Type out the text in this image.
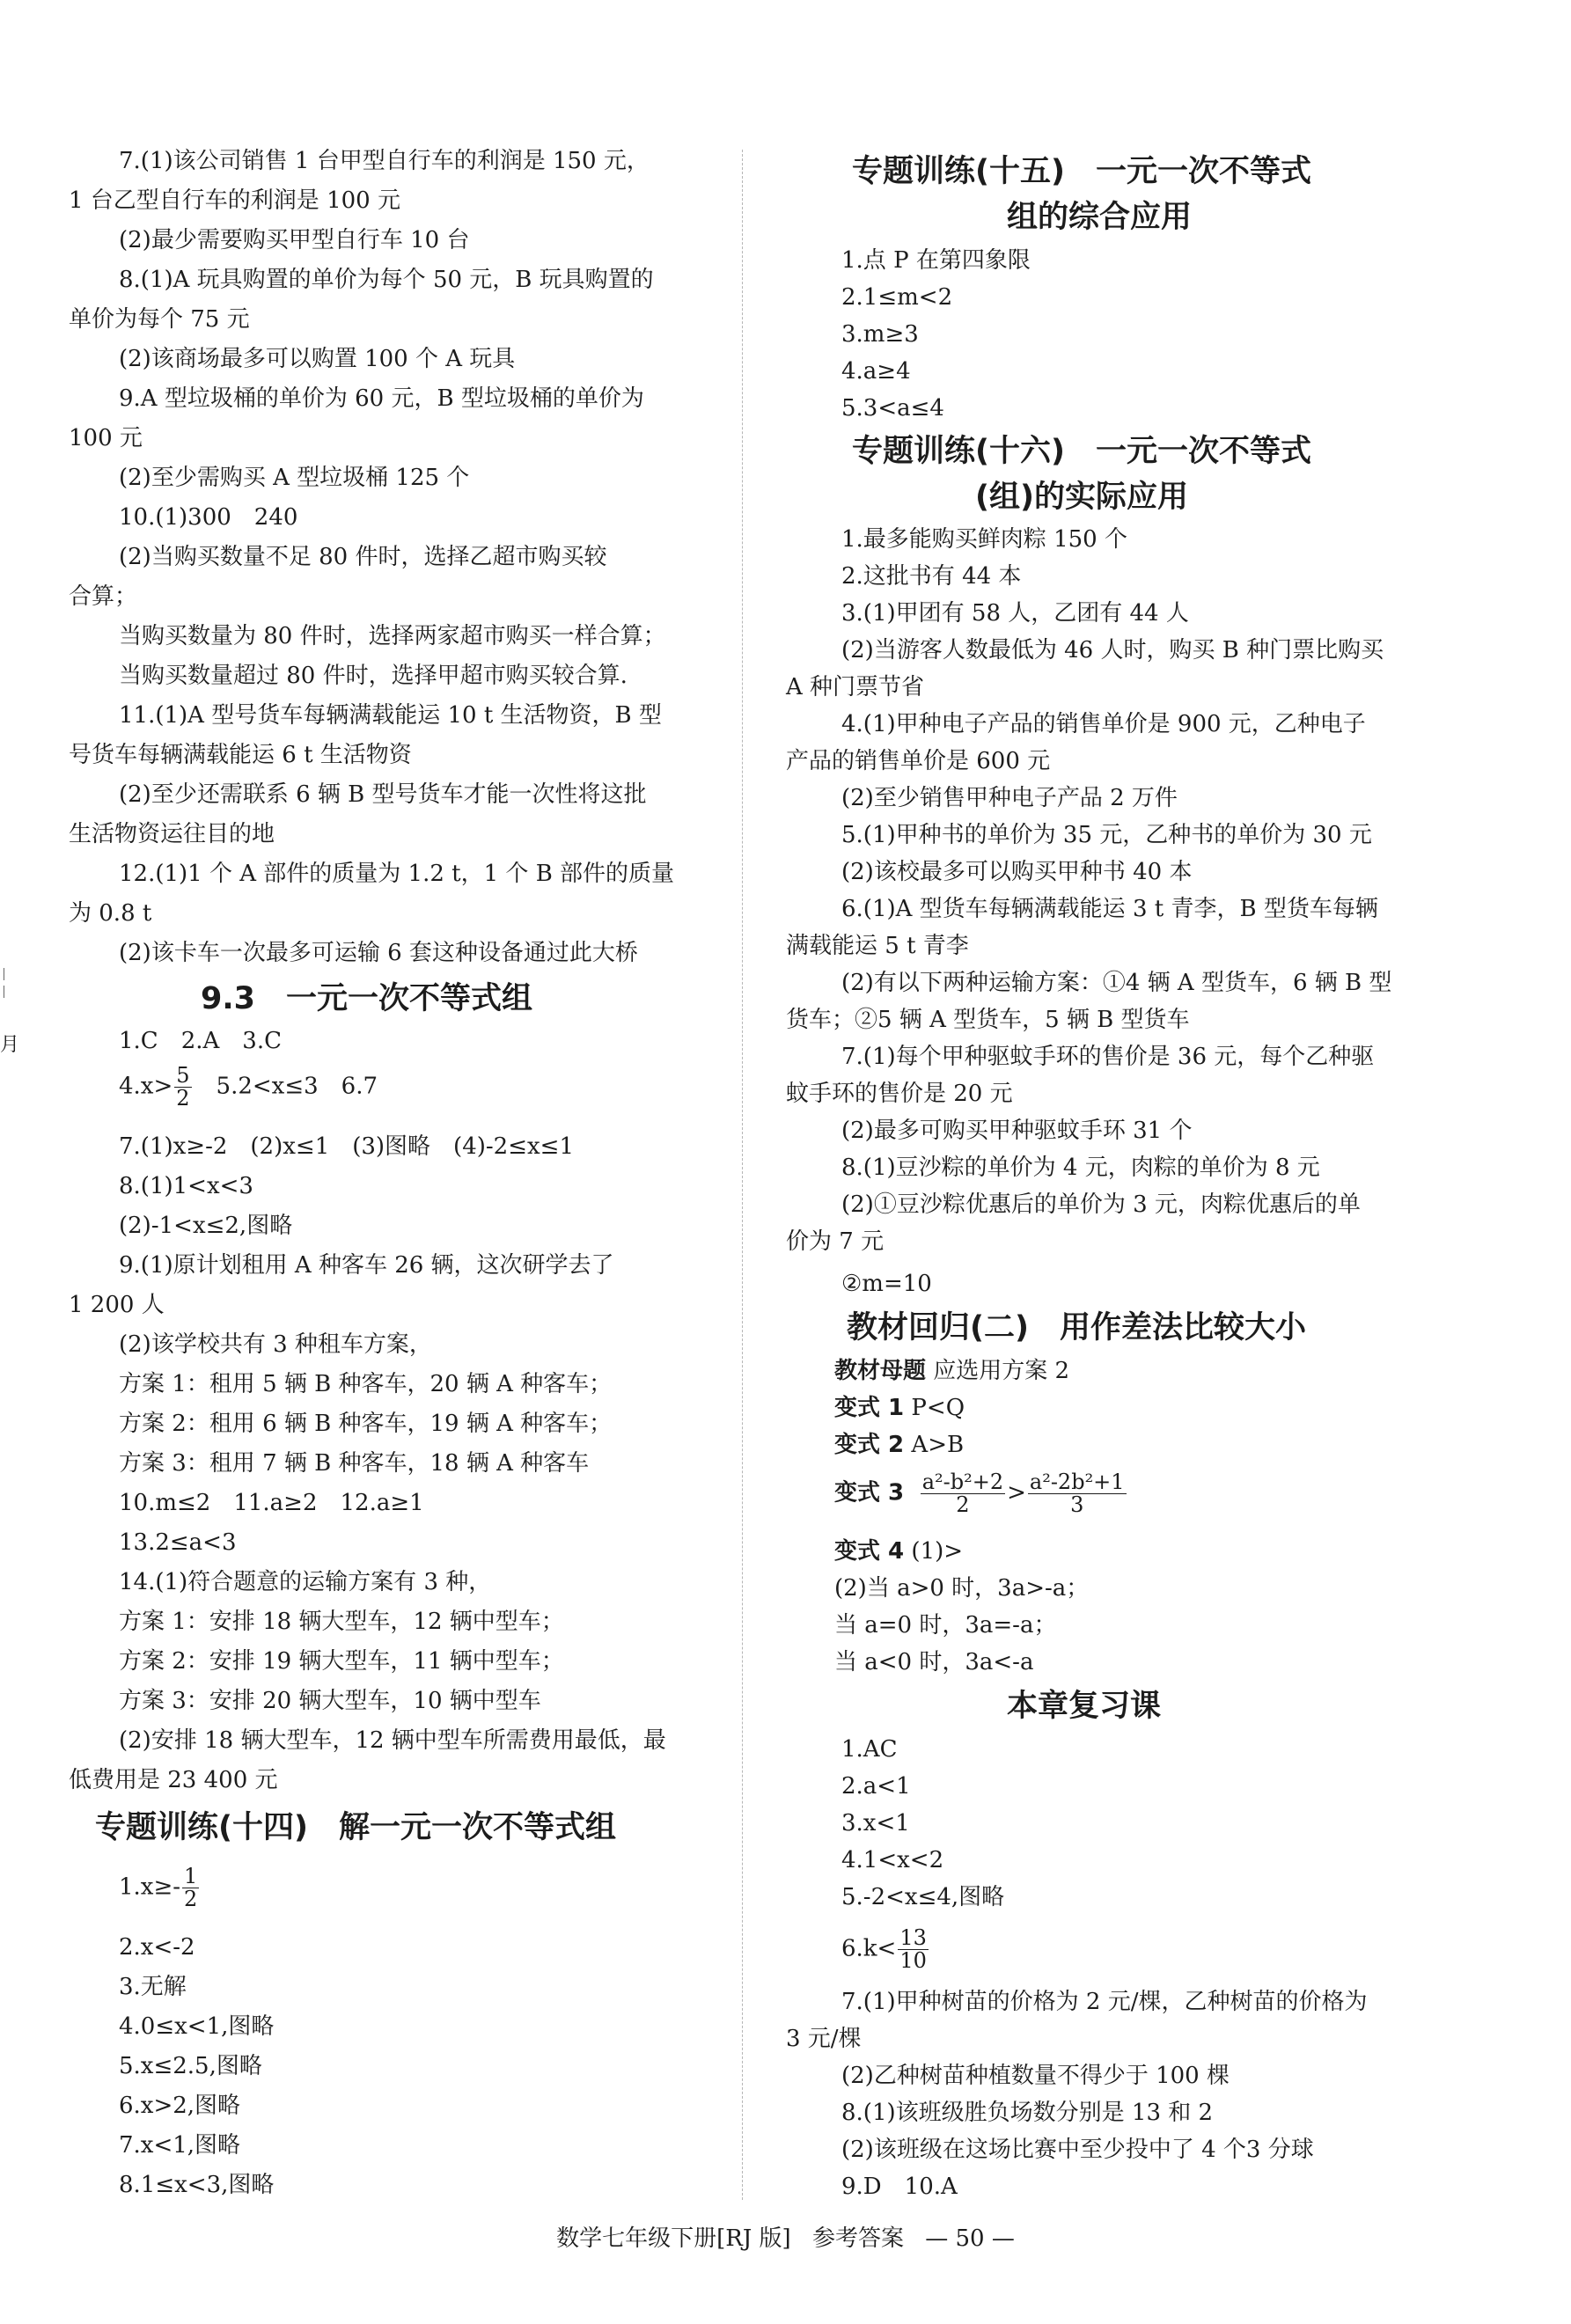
月
7.(1)该公司销售 1 台甲型自行车的利润是 150 元，
1 台乙型自行车的利润是 100 元
(2)最少需要购买甲型自行车 10 台
8.(1)A 玩具购置的单价为每个 50 元，B 玩具购置的
单价为每个 75 元
(2)该商场最多可以购置 100 个 A 玩具
9.A 型垃圾桶的单价为 60 元，B 型垃圾桶的单价为
100 元
(2)至少需购买 A 型垃圾桶 125 个
10.(1)300　240
(2)当购买数量不足 80 件时，选择乙超市购买较
合算；
当购买数量为 80 件时，选择两家超市购买一样合算；
当购买数量超过 80 件时，选择甲超市购买较合算.
11.(1)A 型号货车每辆满载能运 10 t 生活物资，B 型
号货车每辆满载能运 6 t 生活物资
(2)至少还需联系 6 辆 B 型号货车才能一次性将这批
生活物资运往目的地
12.(1)1 个 A 部件的质量为 1.2 t，1 个 B 部件的质量
为 0.8 t
(2)该卡车一次最多可运输 6 套这种设备通过此大桥
9.3　一元一次不等式组
1.C　2.A　3.C
$4.x> \frac{5}{2}$ 　5.2<x≤3　6.7
7.(1)x≥-2　(2)x≤1　(3)图略　(4)-2≤x≤1
8.(1)1<x<3
(2)-1<x≤2,图略
9.(1)原计划租用 A 种客车 26 辆，这次研学去了
1 200 人
(2)该学校共有 3 种租车方案，
方案 1：租用 5 辆 B 种客车，20 辆 A 种客车；
方案 2：租用 6 辆 B 种客车，19 辆 A 种客车；
方案 3：租用 7 辆 B 种客车，18 辆 A 种客车
10.m≤2　11.a≥2　12.a≥1
13.2≤a<3
14.(1)符合题意的运输方案有 3 种，
方案 1：安排 18 辆大型车，12 辆中型车；
方案 2：安排 19 辆大型车，11 辆中型车；
方案 3：安排 20 辆大型车，10 辆中型车
(2)安排 18 辆大型车，12 辆中型车所需费用最低，最
低费用是 23 400 元
专题训练(十四)　解一元一次不等式组
$1.x\ge- \frac{1}{2}$
2.x<-2
3.无解
4.0≤x<1,图略
5.x≤2.5,图略
6.x>2,图略
7.x<1,图略
8.1≤x<3,图略
专题训练(十五)　一元一次不等式
组的综合应用
1.点 P 在第四象限
2.1≤m<2
3.m≥3
4.a≥4
5.3<a≤4
专题训练(十六)　一元一次不等式
(组)的实际应用
1.最多能购买鲜肉粽 150 个
2.这批书有 44 本
3.(1)甲团有 58 人，乙团有 44 人
(2)当游客人数最低为 46 人时，购买 B 种门票比购买
A 种门票节省
4.(1)甲种电子产品的销售单价是 900 元，乙种电子
产品的销售单价是 600 元
(2)至少销售甲种电子产品 2 万件
5.(1)甲种书的单价为 35 元，乙种书的单价为 30 元
(2)该校最多可以购买甲种书 40 本
6.(1)A 型货车每辆满载能运 3 t 青李，B 型货车每辆
满载能运 5 t 青李
(2)有以下两种运输方案：①4 辆 A 型货车，6 辆 B 型
货车；②5 辆 A 型货车，5 辆 B 型货车
7.(1)每个甲种驱蚊手环的售价是 36 元，每个乙种驱
蚊手环的售价是 20 元
(2)最多可购买甲种驱蚊手环 31 个
8.(1)豆沙粽的单价为 4 元，肉粽的单价为 8 元
(2)①豆沙粽优惠后的单价为 3 元，肉粽优惠后的单
价为 7 元
②m=10
教材回归(二)　用作差法比较大小
教材母题 应选用方案 2
变式 1 P<Q
变式 2 A>B
变式 $3 \frac{\text{a²-b²+2}}{2} > \frac{\text{a²-2b²+1}}{3}$
变式 4 (1)>
(2)当 a>0 时，3a>-a；
当 a=0 时，3a=-a；
当 a<0 时，3a<-a
本章复习课
1.AC
2.a<1
3.x<1
4.1<x<2
5.-2<x≤4,图略
$6.k< \frac{13}{10}$
7.(1)甲种树苗的价格为 2 元/棵，乙种树苗的价格为
3 元/棵
(2)乙种树苗种植数量不得少于 100 棵
8.(1)该班级胜负场数分别是 13 和 2
(2)该班级在这场比赛中至少投中了 4 个3 分球
9.D　10.A
数学七年级下册[RJ 版] 参考答案 — 50 —
